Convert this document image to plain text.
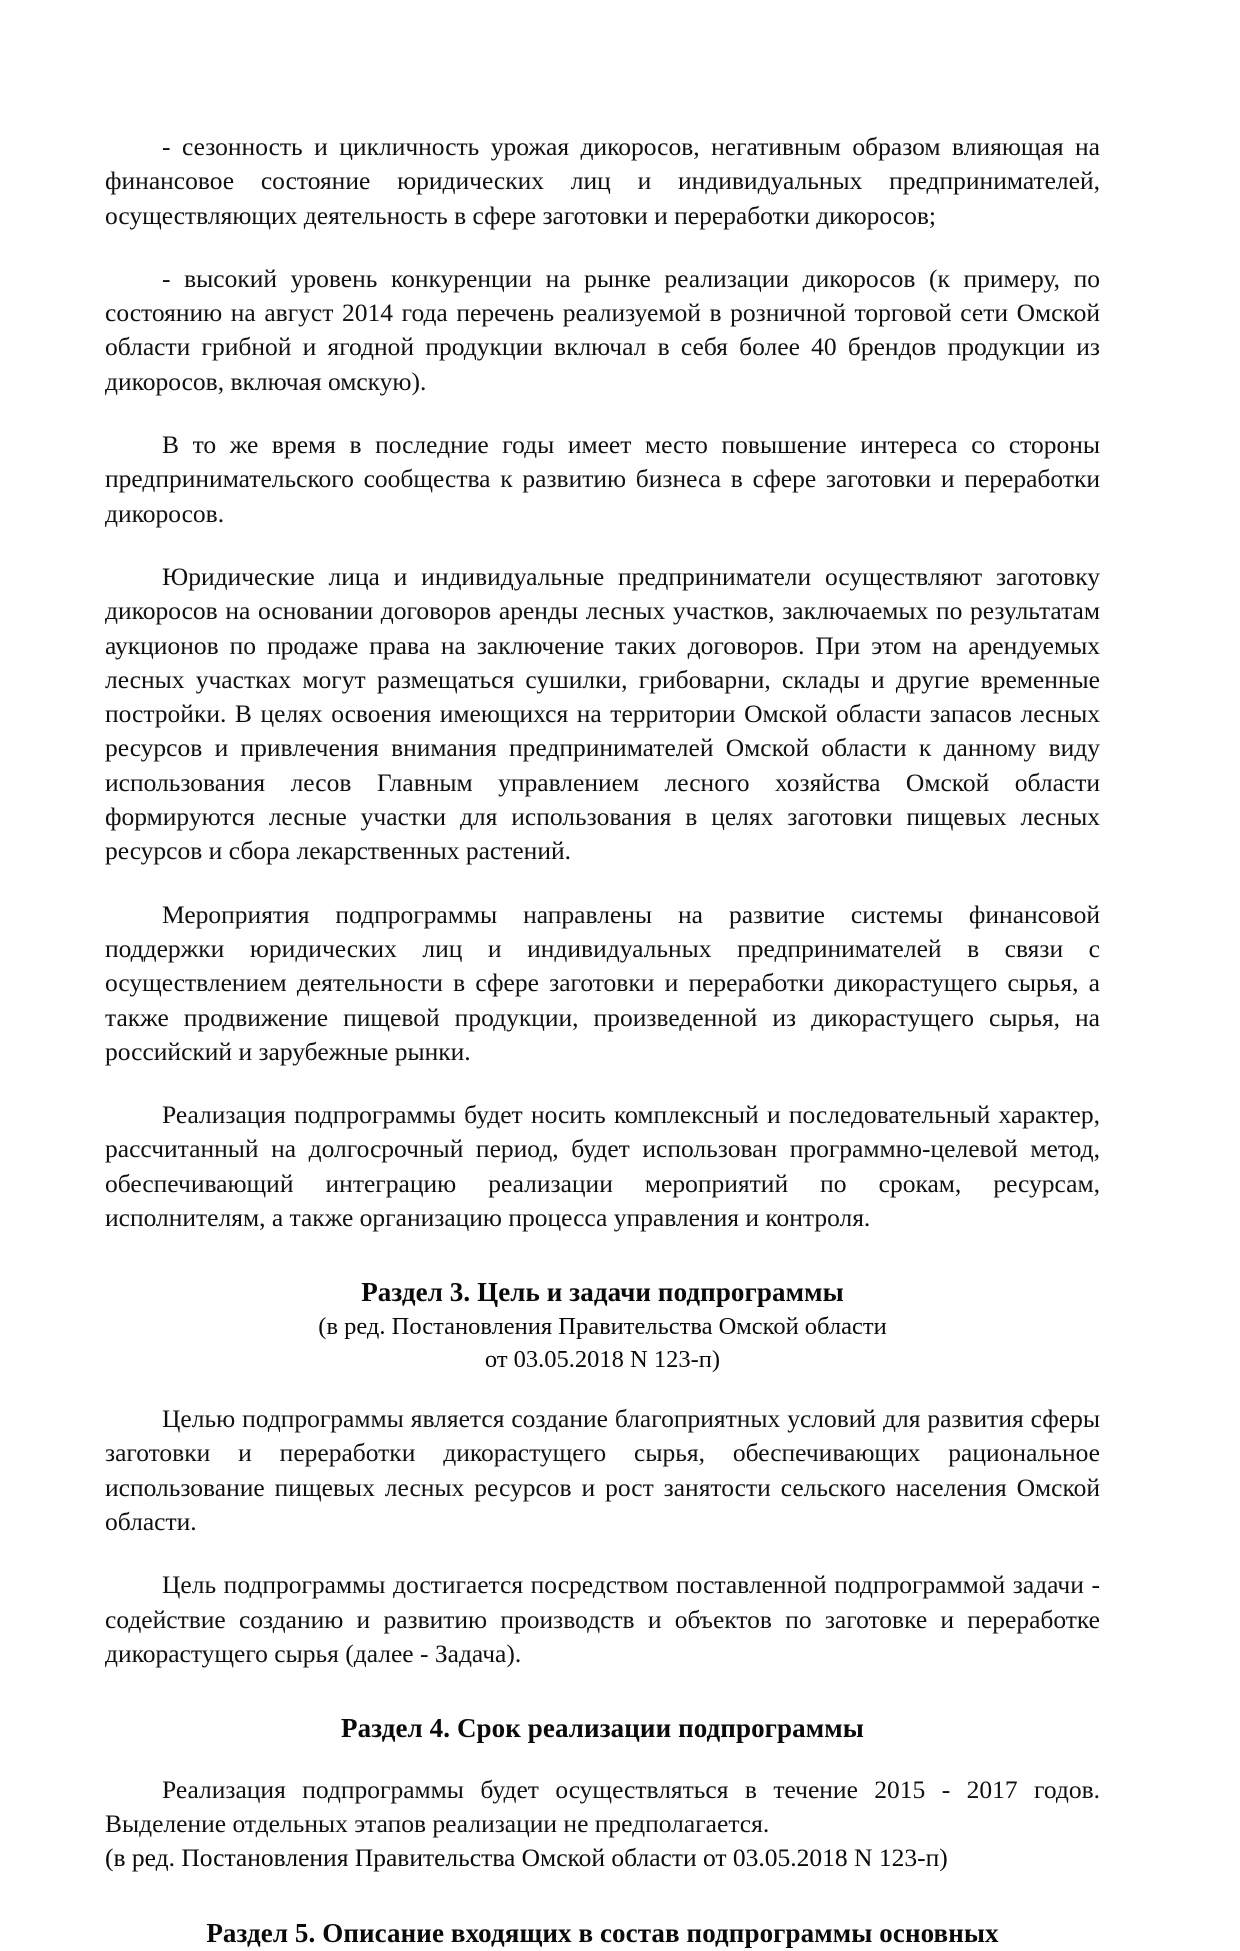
- сезонность и цикличность урожая дикоросов, негативным образом влияющая на финансовое состояние юридических лиц и индивидуальных предпринимателей, осуществляющих деятельность в сфере заготовки и переработки дикоросов;

- высокий уровень конкуренции на рынке реализации дикоросов (к примеру, по состоянию на август 2014 года перечень реализуемой в розничной торговой сети Омской области грибной и ягодной продукции включал в себя более 40 брендов продукции из дикоросов, включая омскую).

В то же время в последние годы имеет место повышение интереса со стороны предпринимательского сообщества к развитию бизнеса в сфере заготовки и переработки дикоросов.

Юридические лица и индивидуальные предприниматели осуществляют заготовку дикоросов на основании договоров аренды лесных участков, заключаемых по результатам аукционов по продаже права на заключение таких договоров. При этом на арендуемых лесных участках могут размещаться сушилки, грибоварни, склады и другие временные постройки. В целях освоения имеющихся на территории Омской области запасов лесных ресурсов и привлечения внимания предпринимателей Омской области к данному виду использования лесов Главным управлением лесного хозяйства Омской области формируются лесные участки для использования в целях заготовки пищевых лесных ресурсов и сбора лекарственных растений.

Мероприятия подпрограммы направлены на развитие системы финансовой поддержки юридических лиц и индивидуальных предпринимателей в связи с осуществлением деятельности в сфере заготовки и переработки дикорастущего сырья, а также продвижение пищевой продукции, произведенной из дикорастущего сырья, на российский и зарубежные рынки.

Реализация подпрограммы будет носить комплексный и последовательный характер, рассчитанный на долгосрочный период, будет использован программно-целевой метод, обеспечивающий интеграцию реализации мероприятий по срокам, ресурсам, исполнителям, а также организацию процесса управления и контроля.

Раздел 3. Цель и задачи подпрограммы

(в ред. Постановления Правительства Омской области

от 03.05.2018 N 123-п)

Целью подпрограммы является создание благоприятных условий для развития сферы заготовки и переработки дикорастущего сырья, обеспечивающих рациональное использование пищевых лесных ресурсов и рост занятости сельского населения Омской области.

Цель подпрограммы достигается посредством поставленной подпрограммой задачи - содействие созданию и развитию производств и объектов по заготовке и переработке дикорастущего сырья (далее - Задача).

Раздел 4. Срок реализации подпрограммы

Реализация подпрограммы будет осуществляться в течение 2015 - 2017 годов. Выделение отдельных этапов реализации не предполагается.

(в ред. Постановления Правительства Омской области от 03.05.2018 N 123-п)

Раздел 5. Описание входящих в состав подпрограммы основных
